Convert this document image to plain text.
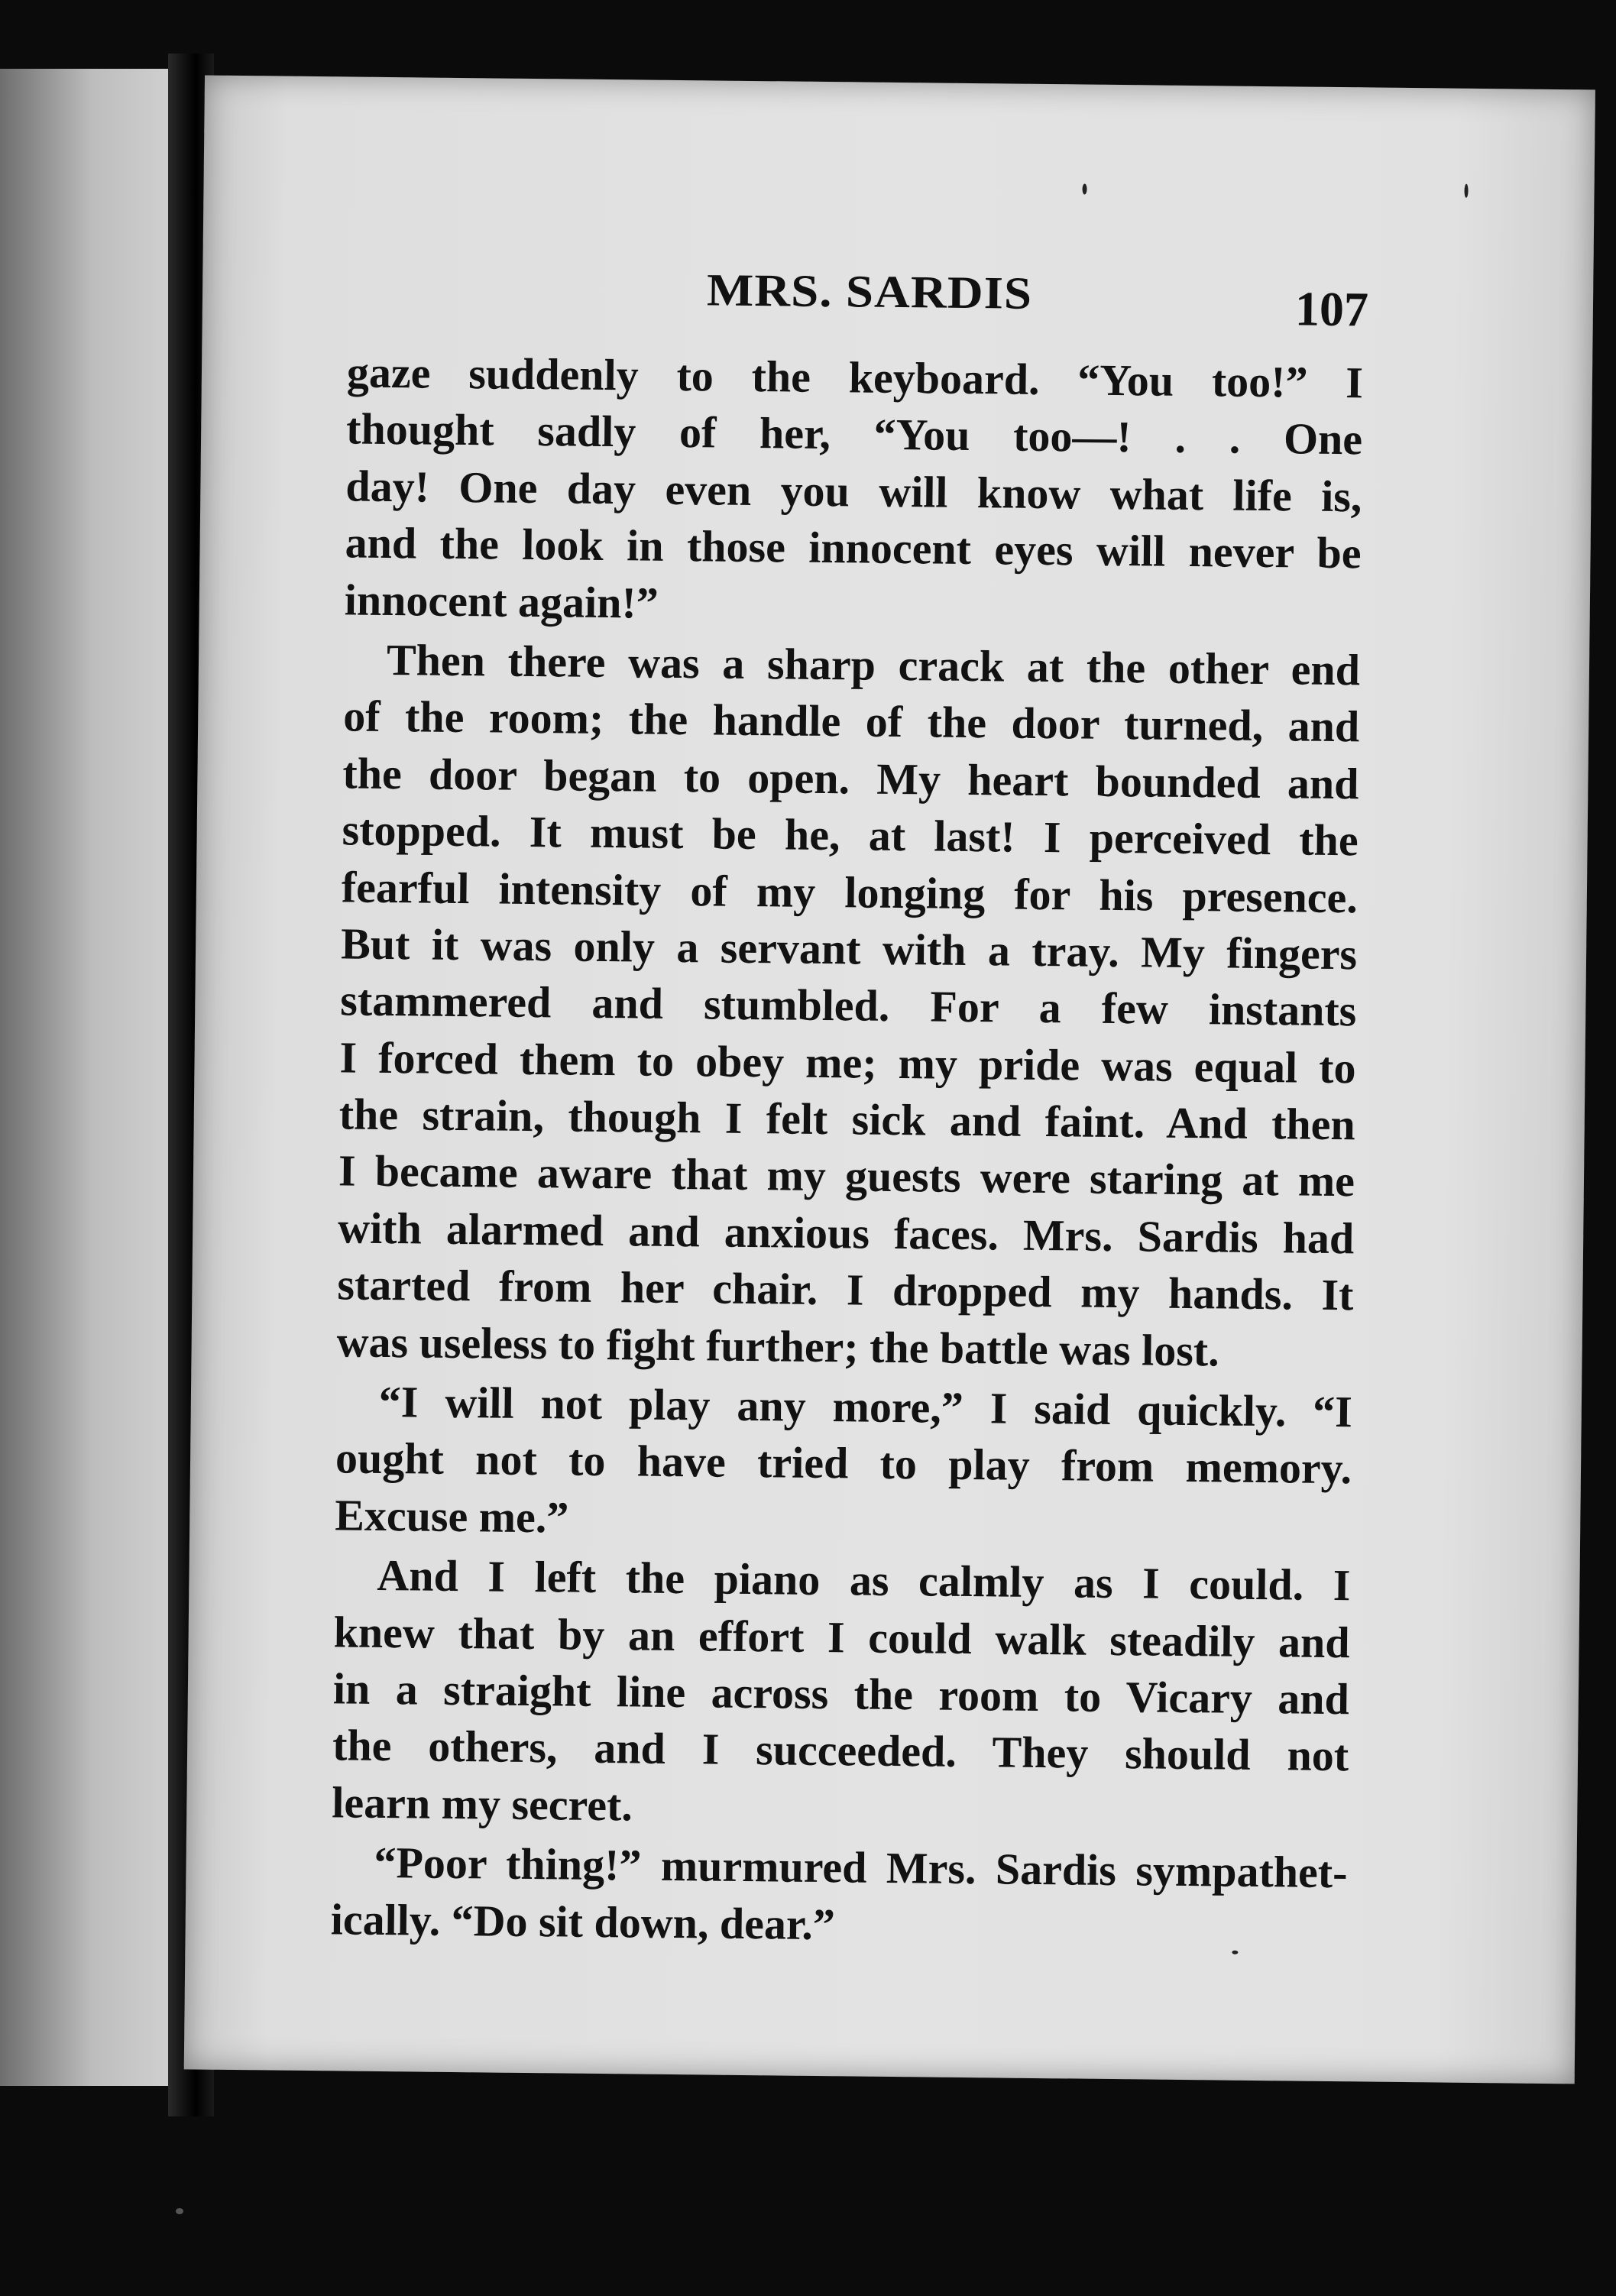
MRS. SARDIS	107
gaze suddenly to the keyboard. “You too!” I
thought sadly of her, “You too—! . . One
day! One day even you will know what life is,
and the look in those innocent eyes will never be
innocent again!”
Then there was a sharp crack at the other end
of the room; the handle of the door turned, and
the door began to open. My heart bounded and
stopped. It must be he, at last! I perceived the
fearful intensity of my longing for his presence.
But it was only a servant with a tray. My fingers
stammered and stumbled. For a few instants
I forced them to obey me; my pride was equal to
the strain, though I felt sick and faint. And then
I became aware that my guests were staring at me
with alarmed and anxious faces. Mrs. Sardis had
started from her chair. I dropped my hands. It
was useless to fight further; the battle was lost.
“I will not play any more,” I said quickly. “I
ought not to have tried to play from memory.
Excuse me.”
And I left the piano as calmly as I could. I
knew that by an effort I could walk steadily and
in a straight line across the room to Vicary and
the others, and I succeeded. They should not
learn my secret.
“Poor thing!” murmured Mrs. Sardis sympathet-
ically. “Do sit down, dear.”
